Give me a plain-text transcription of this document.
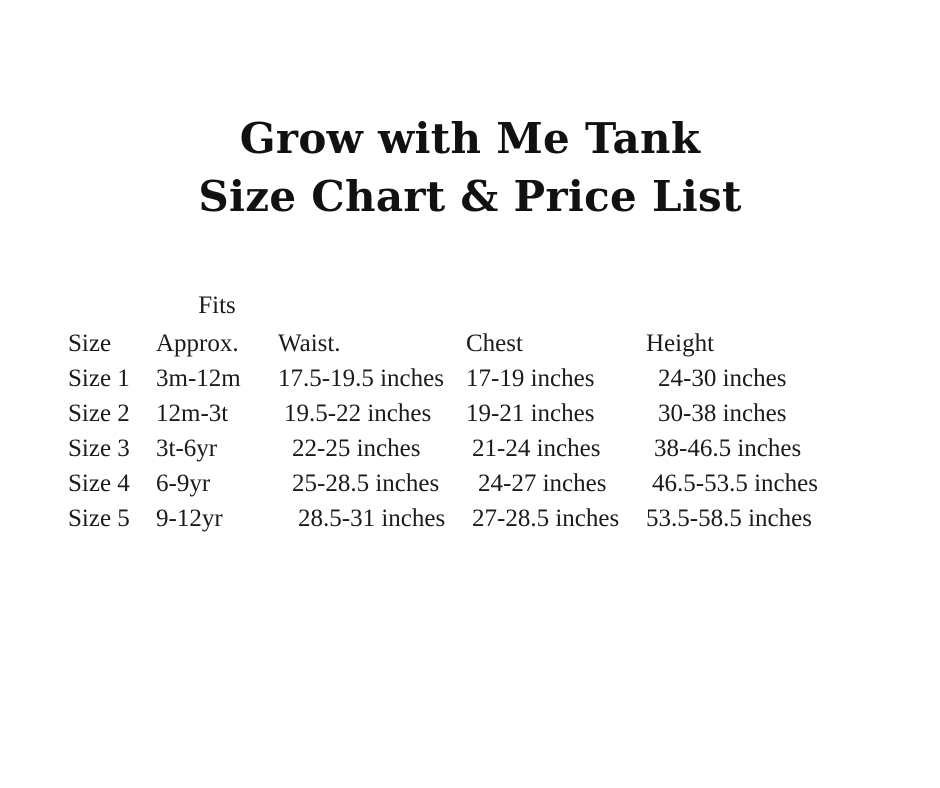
Grow with Me Tank
Size Chart & Price List
	Fits			
Size	Approx.	Waist.	Chest	Height
Size 1	3m-12m	17.5-19.5 inches	17-19 inches	24-30 inches
Size 2	12m-3t	19.5-22 inches	19-21 inches	30-38 inches
Size 3	3t-6yr	22-25 inches	21-24 inches	38-46.5 inches
Size 4	6-9yr	25-28.5 inches	24-27 inches	46.5-53.5 inches
Size 5	9-12yr	28.5-31 inches	27-28.5 inches	53.5-58.5 inches
